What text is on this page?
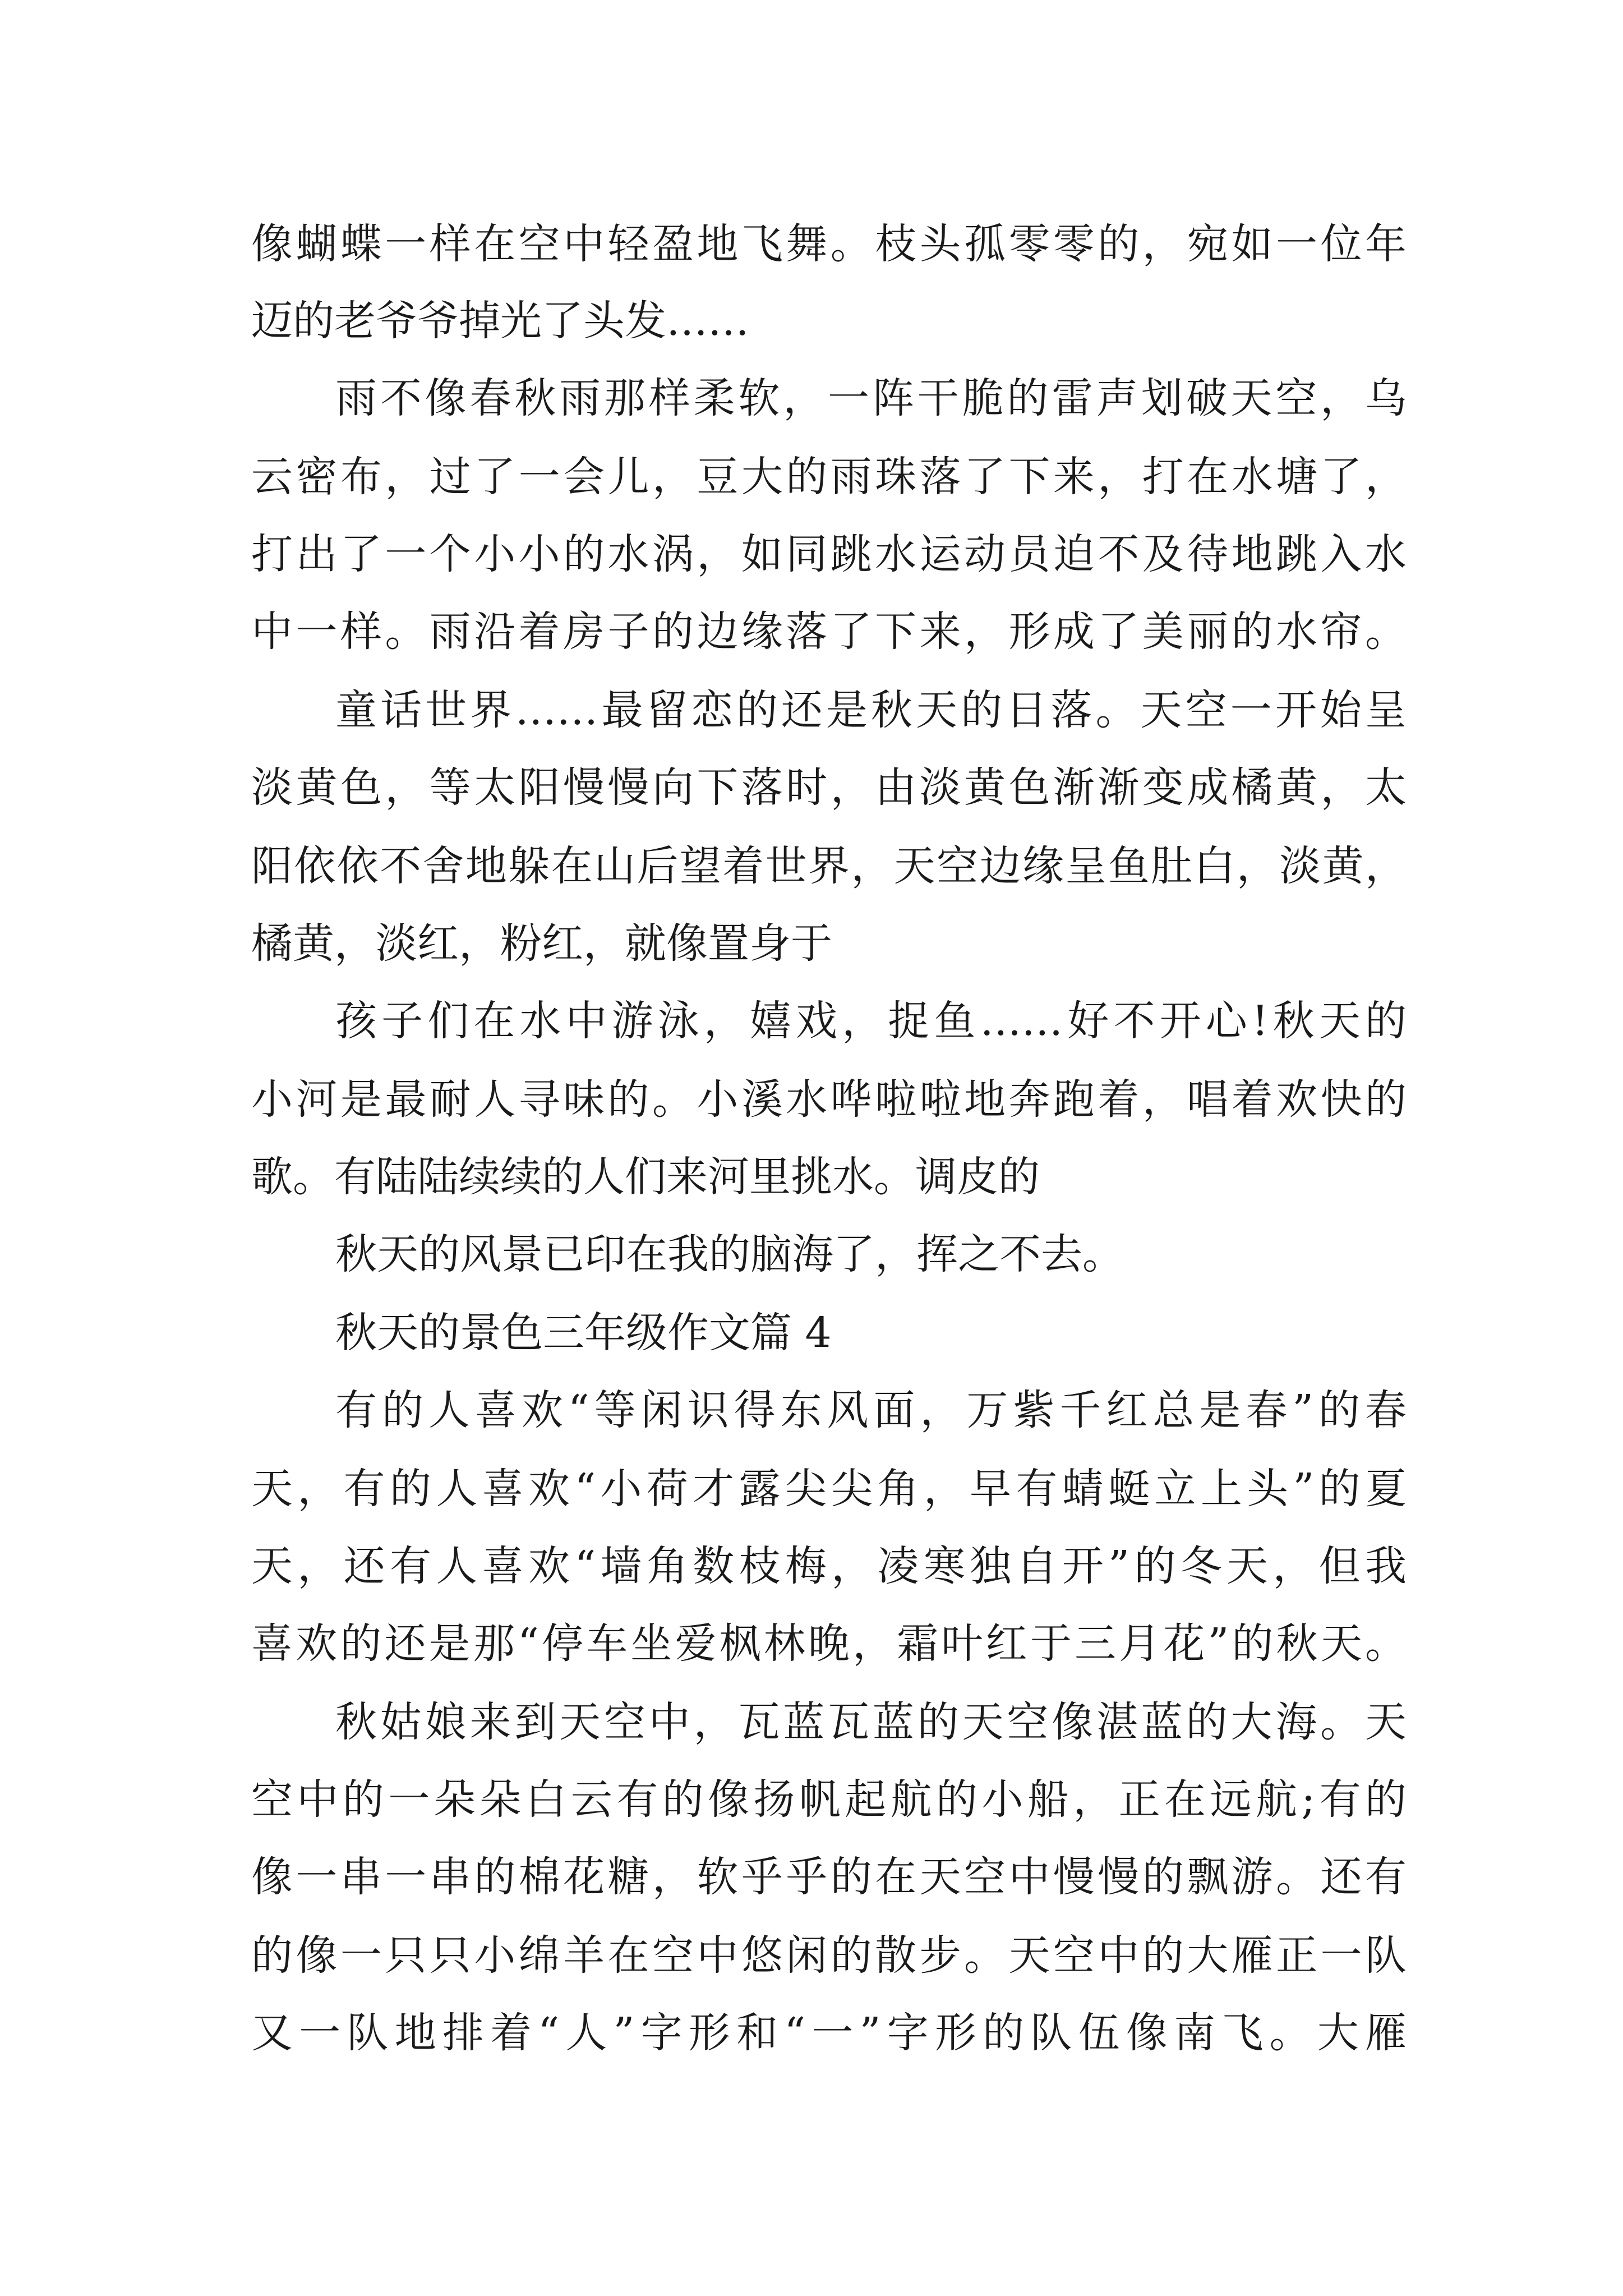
像蝴蝶一样在空中轻盈地飞舞。枝头孤零零的，宛如一位年

迈的老爷爷掉光了头发……

雨不像春秋雨那样柔软，一阵干脆的雷声划破天空，乌

云密布，过了一会儿，豆大的雨珠落了下来，打在水塘了，

打出了一个小小的水涡，如同跳水运动员迫不及待地跳入水

中一样。雨沿着房子的边缘落了下来，形成了美丽的水帘。

童话世界……最留恋的还是秋天的日落。天空一开始呈

淡黄色，等太阳慢慢向下落时，由淡黄色渐渐变成橘黄，太

阳依依不舍地躲在山后望着世界，天空边缘呈鱼肚白，淡黄，

橘黄，淡红，粉红，就像置身于

孩子们在水中游泳，嬉戏，捉鱼……好不开心!秋天的

小河是最耐人寻味的。小溪水哗啦啦地奔跑着，唱着欢快的

歌。有陆陆续续的人们来河里挑水。调皮的

秋天的风景已印在我的脑海了，挥之不去。

秋天的景色三年级作文篇 4

有的人喜欢“等闲识得东风面，万紫千红总是春”的春

天，有的人喜欢“小荷才露尖尖角，早有蜻蜓立上头”的夏

天，还有人喜欢“墙角数枝梅，凌寒独自开”的冬天，但我

喜欢的还是那“停车坐爱枫林晚，霜叶红于三月花”的秋天。

秋姑娘来到天空中，瓦蓝瓦蓝的天空像湛蓝的大海。天

空中的一朵朵白云有的像扬帆起航的小船，正在远航;有的

像一串一串的棉花糖，软乎乎的在天空中慢慢的飘游。还有

的像一只只小绵羊在空中悠闲的散步。天空中的大雁正一队

又一队地排着“人”字形和“一”字形的队伍像南飞。大雁
